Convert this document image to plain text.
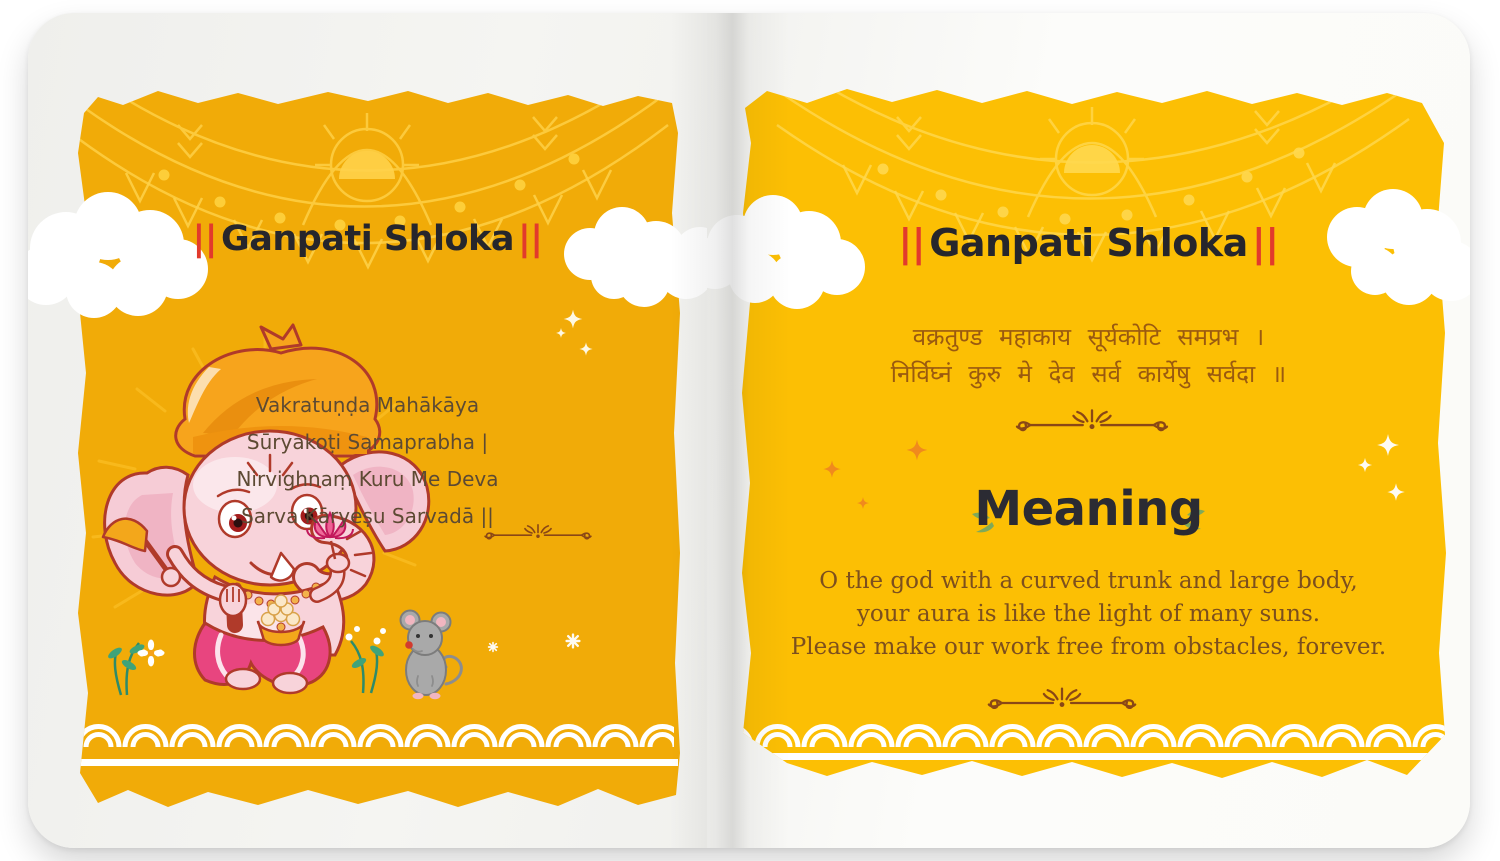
|| Ganpati Shloka ||
Vakratuṇḍa Mahākāya
Sūryakoṭi Samaprabha |
Nirvighnaṃ Kuru Me Deva
Sarva Kāryeṣu Sarvadā ||
|| Ganpati Shloka ||
वक्रतुण्ड महाकाय सूर्यकोटि समप्रभ ।
निर्विघ्नं कुरु मे देव सर्व कार्येषु सर्वदा ॥
Meaning
O the god with a curved trunk and large body,
your aura is like the light of many suns.
Please make our work free from obstacles, forever.
